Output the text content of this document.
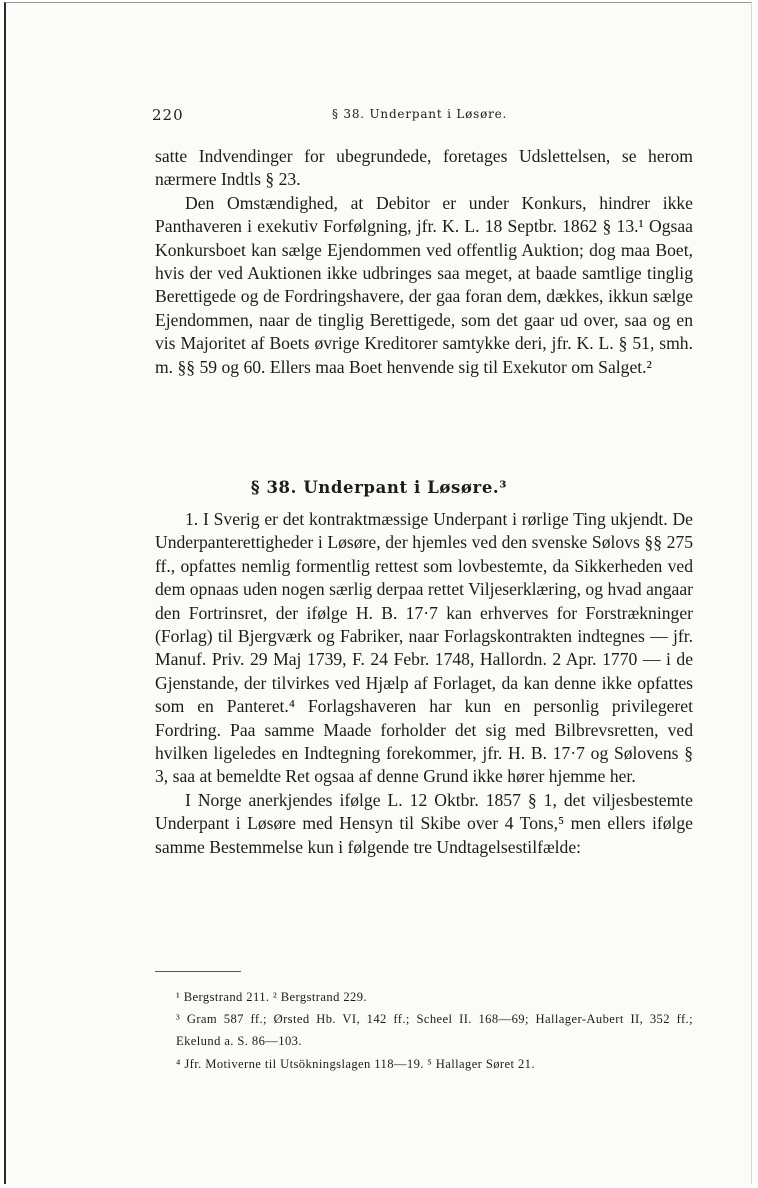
220	§ 38. Underpant i Løsøre.

satte Indvendinger for ubegrundede, foretages Udslettelsen, se herom nærmere Indtls § 23.

Den Omstændighed, at Debitor er under Konkurs, hindrer ikke Panthaveren i exekutiv Forfølgning, jfr. K. L. 18 Septbr. 1862 § 13.¹ Ogsaa Konkursboet kan sælge Ejendommen ved offentlig Auktion; dog maa Boet, hvis der ved Auktionen ikke udbringes saa meget, at baade samtlige tinglig Berettigede og de Fordringshavere, der gaa foran dem, dækkes, ikkun sælge Ejendommen, naar de tinglig Berettigede, som det gaar ud over, saa og en vis Majoritet af Boets øvrige Kreditorer samtykke deri, jfr. K. L. § 51, smh. m. §§ 59 og 60. Ellers maa Boet henvende sig til Exekutor om Salget.²

§ 38. Underpant i Løsøre.³

1. I Sverig er det kontraktmæssige Underpant i rørlige Ting ukjendt. De Underpanterettigheder i Løsøre, der hjemles ved den svenske Sølovs §§ 275 ff., opfattes nemlig formentlig rettest som lovbestemte, da Sikkerheden ved dem opnaas uden nogen særlig derpaa rettet Viljeserklæring, og hvad angaar den Fortrinsret, der ifølge H. B. 17·7 kan erhverves for Forstrækninger (Forlag) til Bjergværk og Fabriker, naar Forlagskontrakten indtegnes — jfr. Manuf. Priv. 29 Maj 1739, F. 24 Febr. 1748, Hallordn. 2 Apr. 1770 — i de Gjenstande, der tilvirkes ved Hjælp af Forlaget, da kan denne ikke opfattes som en Panteret.⁴ Forlagshaveren har kun en personlig privilegeret Fordring. Paa samme Maade forholder det sig med Bilbrevsretten, ved hvilken ligeledes en Indtegning forekommer, jfr. H. B. 17·7 og Sølovens § 3, saa at bemeldte Ret ogsaa af denne Grund ikke hører hjemme her.

I Norge anerkjendes ifølge L. 12 Oktbr. 1857 § 1, det viljesbestemte Underpant i Løsøre med Hensyn til Skibe over 4 Tons,⁵ men ellers ifølge samme Bestemmelse kun i følgende tre Undtagelsestilfælde:

¹ Bergstrand 211. ² Bergstrand 229.

³ Gram 587 ff.; Ørsted Hb. VI, 142 ff.; Scheel II. 168—69; Hallager-Aubert II, 352 ff.; Ekelund a. S. 86—103.

⁴ Jfr. Motiverne til Utsökningslagen 118—19. ⁵ Hallager Søret 21.
